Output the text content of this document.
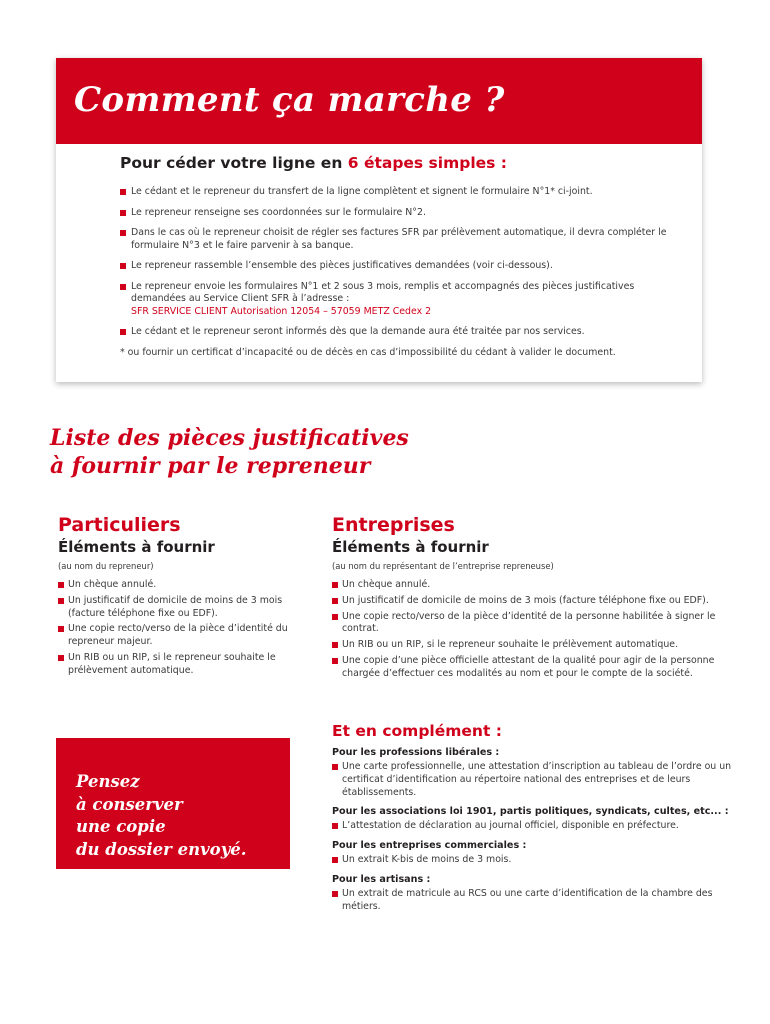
Comment ça marche ?
Pour céder votre ligne en 6 étapes simples :
Le cédant et le repreneur du transfert de la ligne complètent et signent le formulaire N°1* ci-joint.
Le repreneur renseigne ses coordonnées sur le formulaire N°2.
Dans le cas où le repreneur choisit de régler ses factures SFR par prélèvement automatique, il devra compléter le formulaire N°3 et le faire parvenir à sa banque.
Le repreneur rassemble l’ensemble des pièces justificatives demandées (voir ci-dessous).
Le repreneur envoie les formulaires N°1 et 2 sous 3 mois, remplis et accompagnés des pièces justificatives demandées au Service Client SFR à l’adresse :
SFR SERVICE CLIENT Autorisation 12054 – 57059 METZ Cedex 2
Le cédant et le repreneur seront informés dès que la demande aura été traitée par nos services.

* ou fournir un certificat d’incapacité ou de décès en cas d’impossibilité du cédant à valider le document.

Liste des pièces justificatives
à fournir par le repreneur
Particuliers
Éléments à fournir

(au nom du repreneur)

Un chèque annulé.
Un justificatif de domicile de moins de 3 mois (facture téléphone fixe ou EDF).
Une copie recto/verso de la pièce d’identité du repreneur majeur.
Un RIB ou un RIP, si le repreneur souhaite le prélèvement automatique.
Entreprises
Éléments à fournir

(au nom du représentant de l’entreprise repreneuse)

Un chèque annulé.
Un justificatif de domicile de moins de 3 mois (facture téléphone fixe ou EDF).
Une copie recto/verso de la pièce d’identité de la personne habilitée à signer le contrat.
Un RIB ou un RIP, si le repreneur souhaite le prélèvement automatique.
Une copie d’une pièce officielle attestant de la qualité pour agir de la personne chargée d’effectuer ces modalités au nom et pour le compte de la société.
Et en complément :

Pour les professions libérales :

Une carte professionnelle, une attestation d’inscription au tableau de l’ordre ou un certificat d’identification au répertoire national des entreprises et de leurs établissements.

Pour les associations loi 1901, partis politiques, syndicats, cultes, etc... :

L’attestation de déclaration au journal officiel, disponible en préfecture.

Pour les entreprises commerciales :

Un extrait K-bis de moins de 3 mois.

Pour les artisans :

Un extrait de matricule au RCS ou une carte d’identification de la chambre des métiers.

Pensez
à conserver
une copie
du dossier envoyé.
